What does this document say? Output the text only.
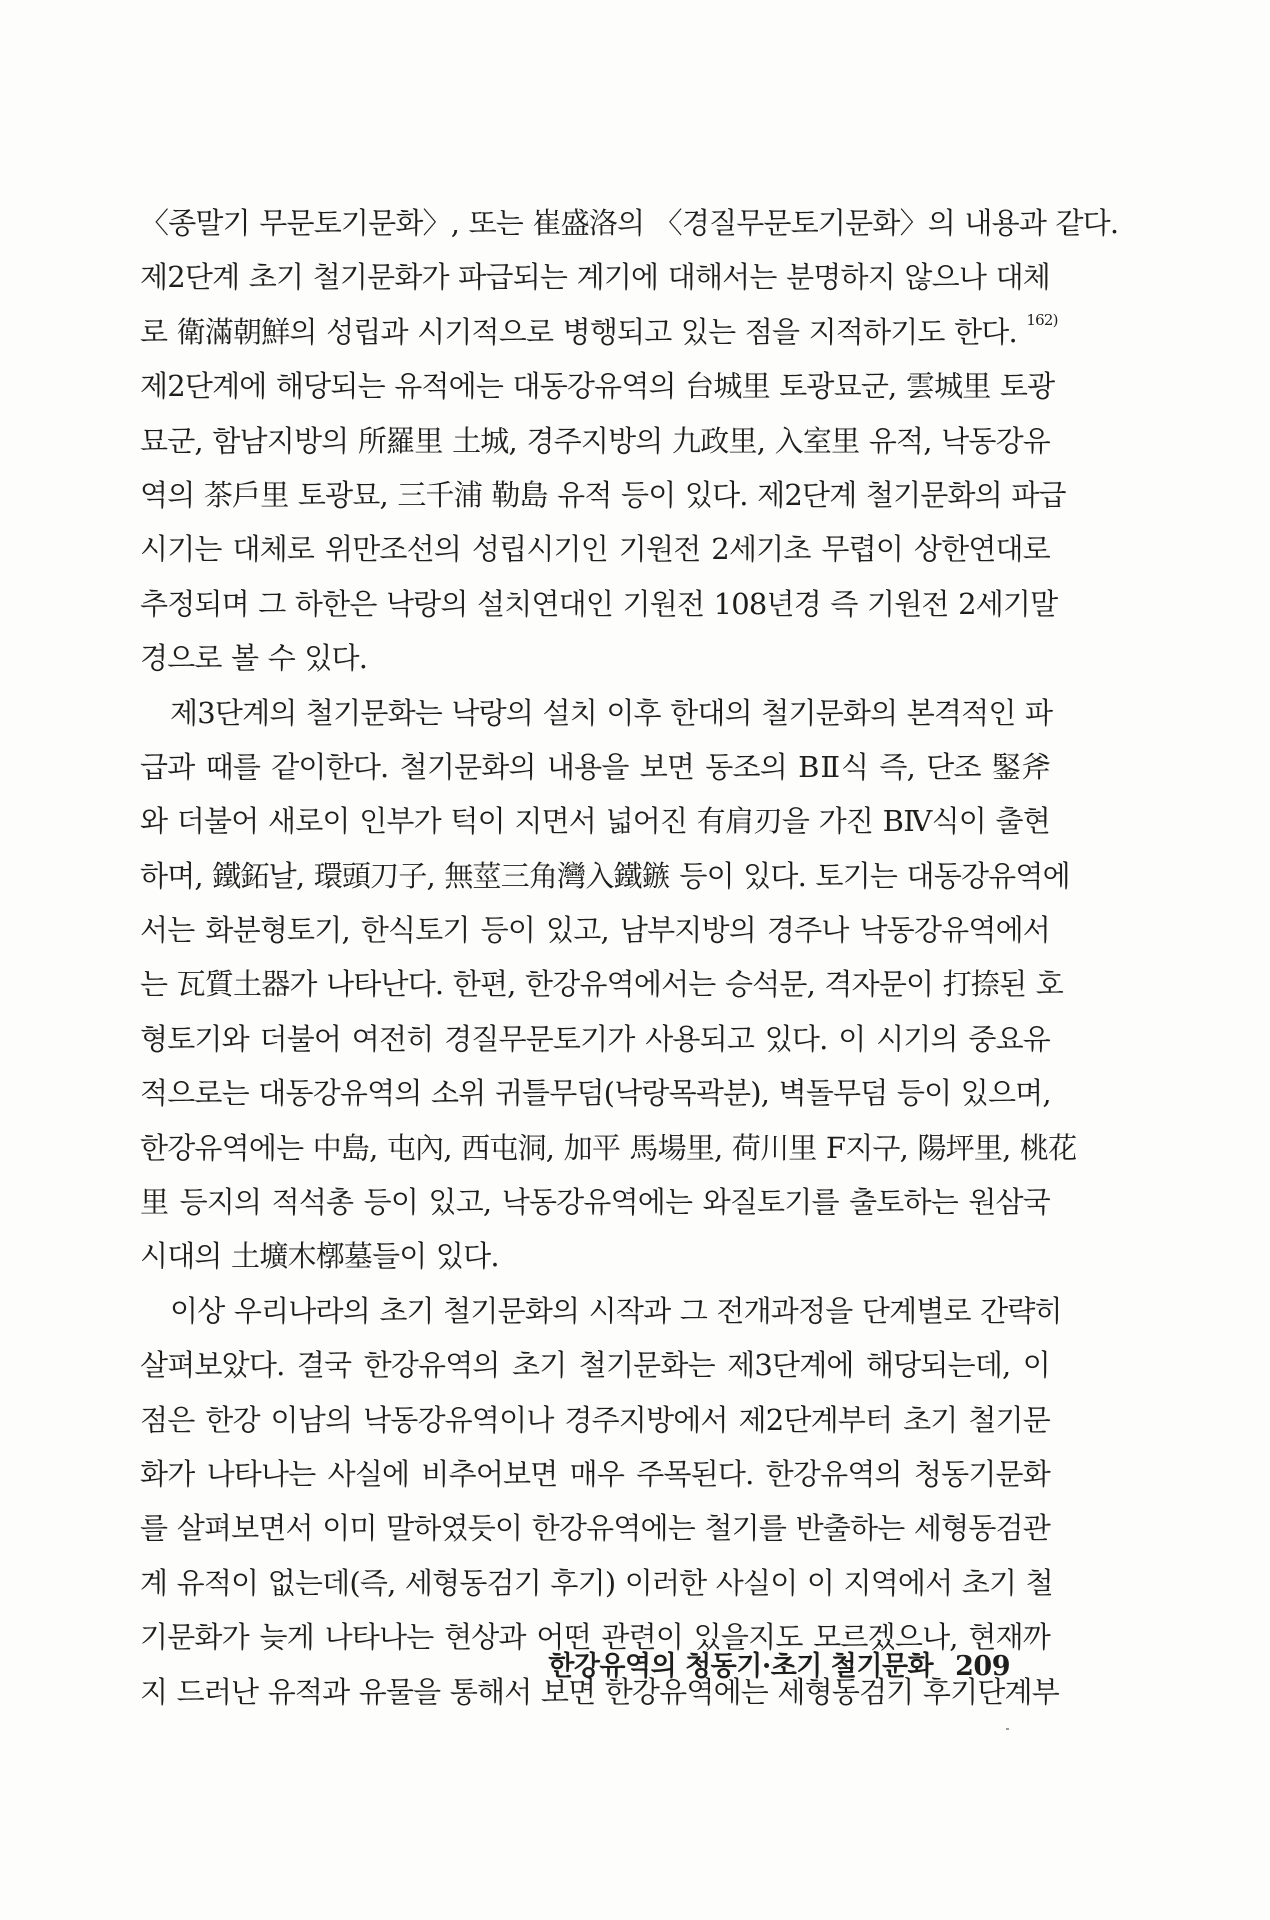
〈종말기 무문토기문화〉, 또는 崔盛洛의 〈경질무문토기문화〉의 내용과 같다.
제2단계 초기 철기문화가 파급되는 계기에 대해서는 분명하지 않으나 대체
로 衛滿朝鮮의 성립과 시기적으로 병행되고 있는 점을 지적하기도 한다. $^{162)}$
제2단계에 해당되는 유적에는 대동강유역의 台城里 토광묘군, 雲城里 토광
묘군, 함남지방의 所羅里 土城, 경주지방의 九政里, 入室里 유적, 낙동강유
역의 茶戶里 토광묘, 三千浦 勒島 유적 등이 있다. 제2단계 철기문화의 파급
시기는 대체로 위만조선의 성립시기인 기원전 2세기초 무렵이 상한연대로
추정되며 그 하한은 낙랑의 설치연대인 기원전 108년경 즉 기원전 2세기말
경으로 볼 수 있다.
제3단계의 철기문화는 낙랑의 설치 이후 한대의 철기문화의 본격적인 파
급과 때를 같이한다. 철기문화의 내용을 보면 동조의 BⅡ식 즉, 단조 鋻斧
와 더불어 새로이 인부가 턱이 지면서 넓어진 有肩刃을 가진 BⅣ식이 출현
하며, 鐵鉐날, 環頭刀子, 無莖三角灣入鐵鏃 등이 있다. 토기는 대동강유역에
서는 화분형토기, 한식토기 등이 있고, 남부지방의 경주나 낙동강유역에서
는 瓦質土器가 나타난다. 한편, 한강유역에서는 승석문, 격자문이 打捺된 호
형토기와 더불어 여전히 경질무문토기가 사용되고 있다. 이 시기의 중요유
적으로는 대동강유역의 소위 귀틀무덤(낙랑목곽분), 벽돌무덤 등이 있으며,
한강유역에는 中島, 屯內, 西屯洞, 加平 馬場里, 荷川里 F지구, 陽坪里, 桃花
里 등지의 적석총 등이 있고, 낙동강유역에는 와질토기를 출토하는 원삼국
시대의 土壙木槨墓들이 있다.
이상 우리나라의 초기 철기문화의 시작과 그 전개과정을 단계별로 간략히
살펴보았다. 결국 한강유역의 초기 철기문화는 제3단계에 해당되는데, 이
점은 한강 이남의 낙동강유역이나 경주지방에서 제2단계부터 초기 철기문
화가 나타나는 사실에 비추어보면 매우 주목된다. 한강유역의 청동기문화
를 살펴보면서 이미 말하였듯이 한강유역에는 철기를 반출하는 세형동검관
계 유적이 없는데(즉, 세형동검기 후기) 이러한 사실이 이 지역에서 초기 철
기문화가 늦게 나타나는 현상과 어떤 관련이 있을지도 모르겠으나, 현재까
지 드러난 유적과 유물을 통해서 보면 한강유역에는 세형동검기 후기단계부
한강유역의 청동기·초기 철기문화 209
